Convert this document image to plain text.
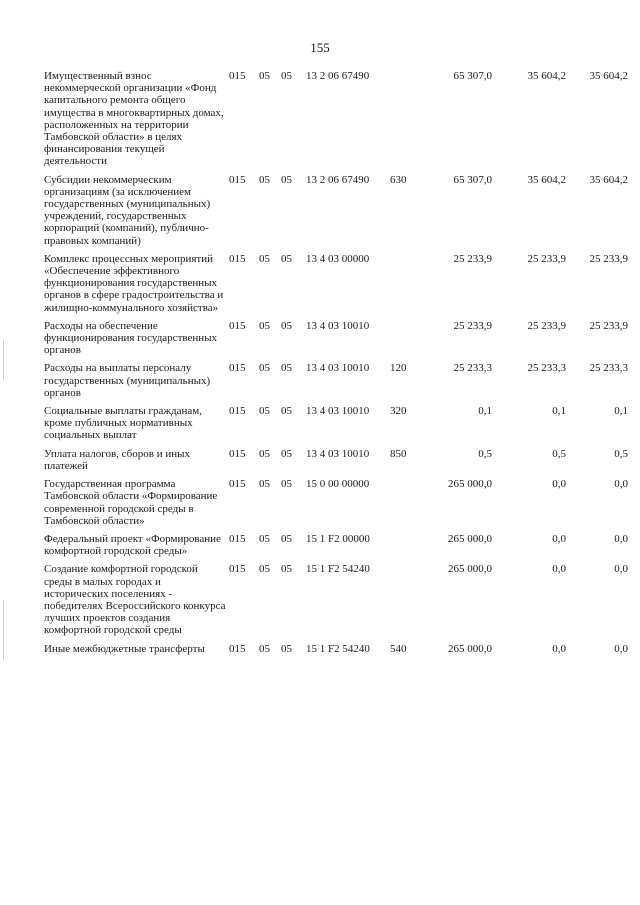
155
Имущественный взнос некоммерческой организации «Фонд капитального ремонта общего имущества в многоквартирных домах, расположенных на территории Тамбовской области» в целях финансирования текущей деятельности	015	05	05	13 2 06 67490		65 307,0	35 604,2	35 604,2
Субсидии некоммерческим организациям (за исключением государственных (муниципальных) учреждений, государственных корпораций (компаний), публично-правовых компаний)	015	05	05	13 2 06 67490	630	65 307,0	35 604,2	35 604,2
Комплекс процессных мероприятий «Обеспечение эффективного функционирования государственных органов в сфере градостроительства и жилищно-коммунального хозяйства»	015	05	05	13 4 03 00000		25 233,9	25 233,9	25 233,9
Расходы на обеспечение функционирования государственных органов	015	05	05	13 4 03 10010		25 233,9	25 233,9	25 233,9
Расходы на выплаты персоналу государственных (муниципальных) органов	015	05	05	13 4 03 10010	120	25 233,3	25 233,3	25 233,3
Социальные выплаты гражданам, кроме публичных нормативных социальных выплат	015	05	05	13 4 03 10010	320	0,1	0,1	0,1
Уплата налогов, сборов и иных платежей	015	05	05	13 4 03 10010	850	0,5	0,5	0,5
Государственная программа Тамбовской области «Формирование современной городской среды в Тамбовской области»	015	05	05	15 0 00 00000		265 000,0	0,0	0,0
Федеральный проект «Формирование комфортной городской среды»	015	05	05	15 1 F2 00000		265 000,0	0,0	0,0
Создание комфортной городской среды в малых городах и исторических поселениях - победителях Всероссийского конкурса лучших проектов создания комфортной городской среды	015	05	05	15 1 F2 54240		265 000,0	0,0	0,0
Иные межбюджетные трансферты	015	05	05	15 1 F2 54240	540	265 000,0	0,0	0,0
